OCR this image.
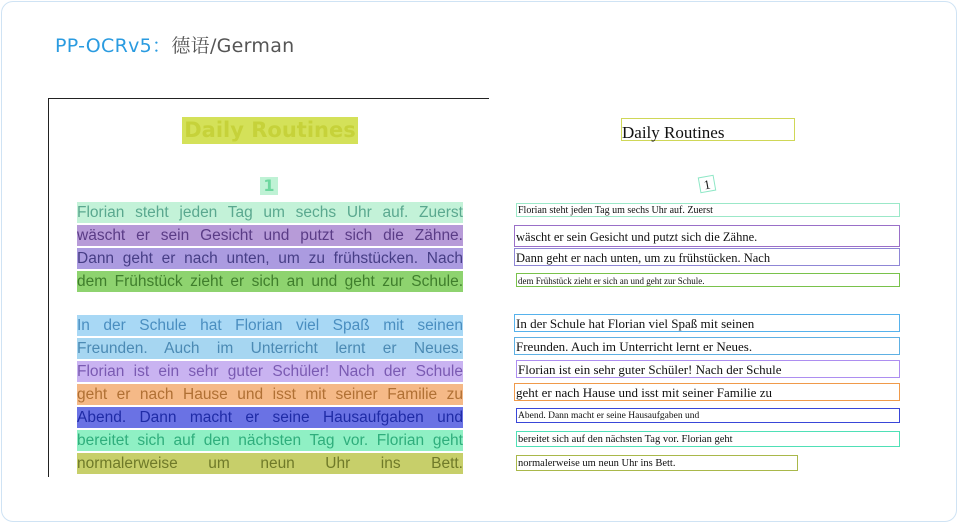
PP-OCRv5：德语/German
Daily Routines
1
Florian steht jeden Tag um sechs Uhr auf. Zuerst
wäscht er sein Gesicht und putzt sich die Zähne.
Dann geht er nach unten, um zu frühstücken. Nach
dem Frühstück zieht er sich an und geht zur Schule.
In der Schule hat Florian viel Spaß mit seinen
Freunden. Auch im Unterricht lernt er Neues.
Florian ist ein sehr guter Schüler! Nach der Schule
geht er nach Hause und isst mit seiner Familie zu
Abend. Dann macht er seine Hausaufgaben und
bereitet sich auf den nächsten Tag vor. Florian geht
normalerweise um neun Uhr ins Bett.
Daily Routines
1
Florian steht jeden Tag um sechs Uhr auf. Zuerst
wäscht er sein Gesicht und putzt sich die Zähne.
Dann geht er nach unten, um zu frühstücken. Nach
dem Frühstück zieht er sich an und geht zur Schule.
In der Schule hat Florian viel Spaß mit seinen
Freunden. Auch im Unterricht lernt er Neues.
Florian ist ein sehr guter Schüler! Nach der Schule
geht er nach Hause und isst mit seiner Familie zu
Abend. Dann macht er seine Hausaufgaben und
bereitet sich auf den nächsten Tag vor. Florian geht
normalerweise um neun Uhr ins Bett.
